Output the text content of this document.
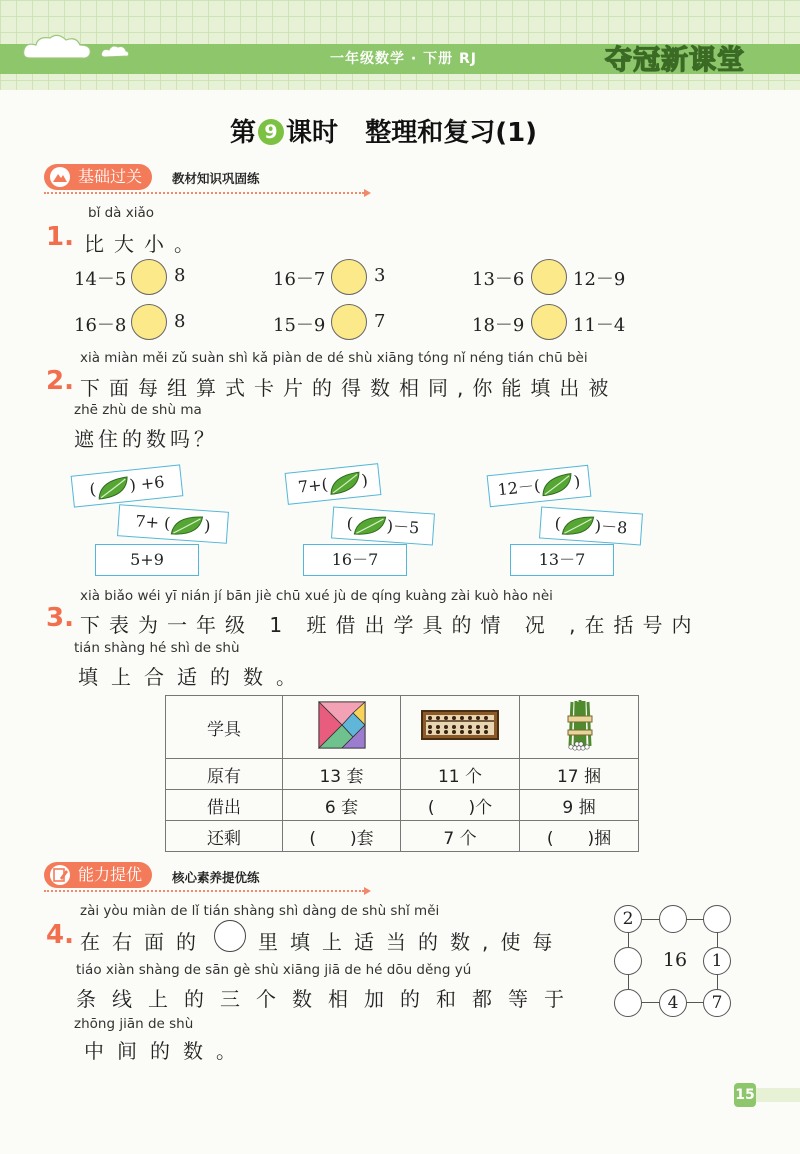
一年级数学 · 下册 RJ	夺冠新课堂
第 9 课时 整理和复习(1)
基础过关	教材知识巩固练
bǐ dà xiǎo
1. 比大小。
14－5	8	16－7	3	13－6	12－9
16－8	8	15－9	7	18－9	11－4
xià miàn měi zǔ suàn shì kǎ piàn de dé shù xiāng tóng nǐ néng tián chū bèi
2. 下面每组算式卡片的得数相同,你能填出被
zhē zhù de shù ma
遮住的数吗？
( ) +6
7+ ( )
5+9
7+( )
( )－5
16－7
12－( )
( )－8
13－7
xià biǎo wéi yī nián jí bān jiè chū xué jù de qíng kuàng zài kuò hào nèi
3. 下表为一年级 1 班借出学具的情 况 ,在括号内
tián shàng hé shì de shù
填上合适的数。
学具			
原有	13 套	11 个	17 捆
借出	6 套	(　　)个	9 捆
还剩	(　　)套	7 个	(　　)捆
能力提优	核心素养提优练
zài yòu miàn de lǐ tián shàng shì dàng de shù shǐ měi
4. 在右面的	里填上适当的数,使每
tiáo xiàn shàng de sān gè shù xiāng jiā de hé dōu děng yú
条线上的三个数相加的和都等于
zhōng jiān de shù
中间的数。
2
16	1
4	7
15
